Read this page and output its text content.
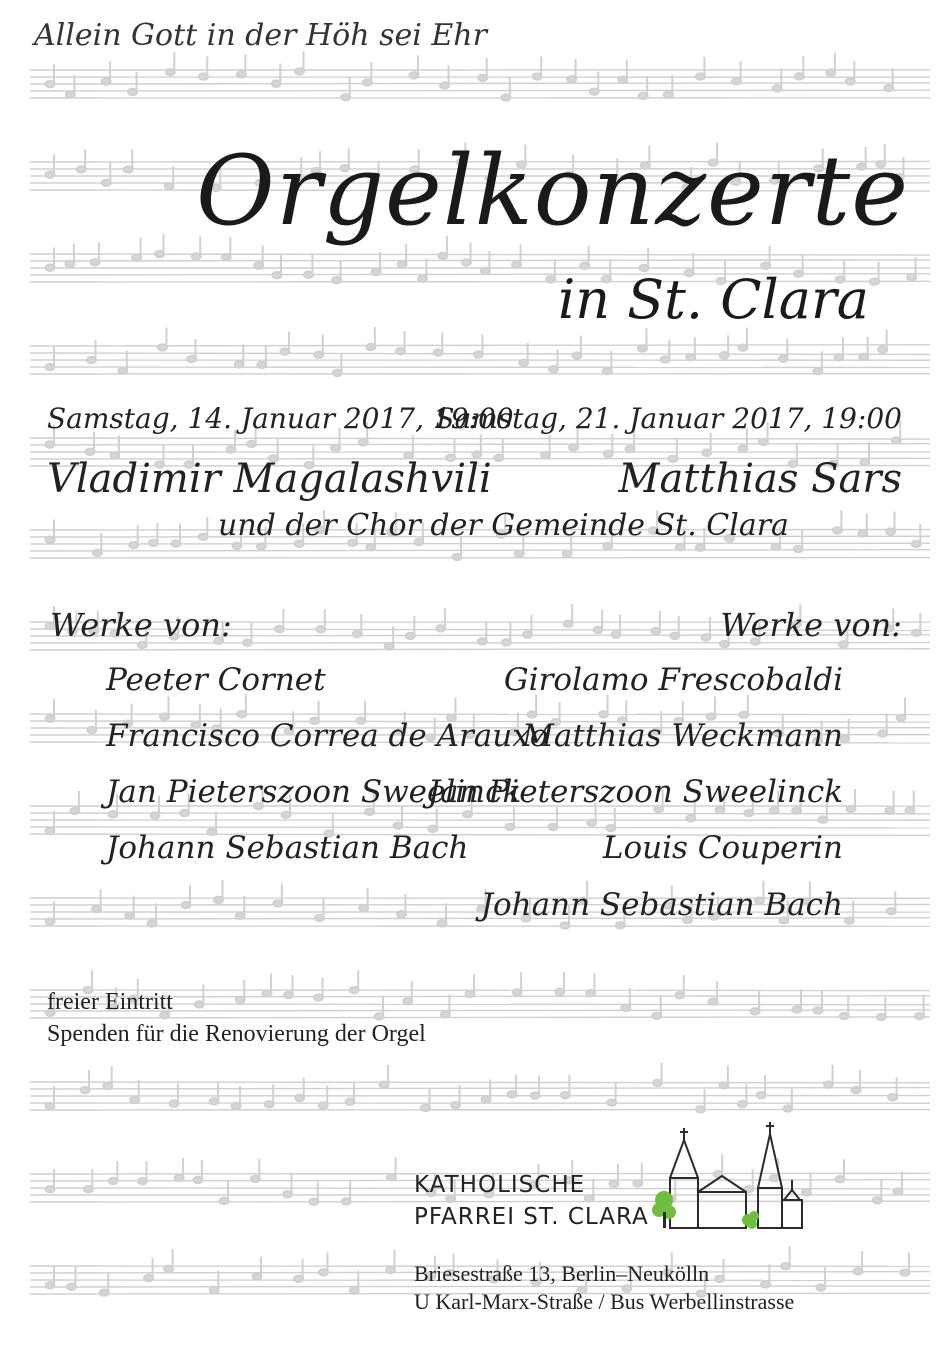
Allein Gott in der Höh sei Ehr
Orgelkonzerte
in St. Clara
Samstag, 14. Januar 2017, 19:00
Samstag, 21. Januar 2017, 19:00
Vladimir Magalashvili	Matthias Sars
und der Chor der Gemeinde St. Clara
Werke von:	Werke von:
Peeter Cornet
Francisco Correa de Arauxo
Jan Pieterszoon Sweelinck
Johann Sebastian Bach
Girolamo Frescobaldi
Matthias Weckmann
Jan Pieterszoon Sweelinck
Louis Couperin
Johann Sebastian Bach
freier Eintritt
Spenden für die Renovierung der Orgel
KATHOLISCHE
PFARREI ST. CLARA
Briesestraße 13, Berlin–Neukölln
U Karl-Marx-Straße / Bus Werbellinstrasse
